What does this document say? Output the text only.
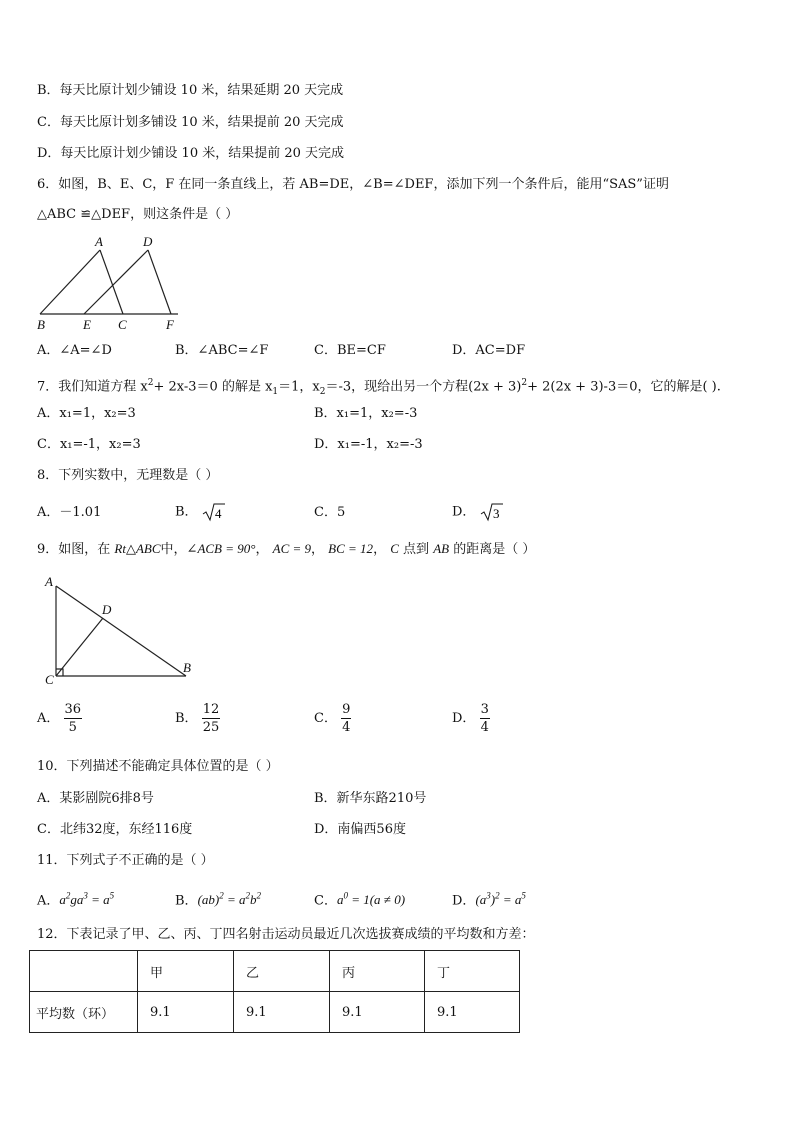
B．每天比原计划少铺设 10 米，结果延期 20 天完成
C．每天比原计划多铺设 10 米，结果提前 20 天完成
D．每天比原计划少铺设 10 米，结果提前 20 天完成
6．如图，B、E、C，F 在同一条直线上，若 AB=DE，∠B=∠DEF，添加下列一个条件后，能用“SAS”证明
△ABC ≌△DEF，则这条件是（ ）
A	D
B	E C	F
A．∠A=∠D	B．∠ABC=∠F	C．BE=CF	D．AC=DF
7．我们知道方程 $x^2+ 2x-3=0$ 的解是 $x_1=1$，$x_2=-3$，现给出另一个方程$(2x + 3)^2+ 2(2x + 3)-3=0$，它的解是( ).
A．x₁=1，x₂=3	B．x₁=1，x₂=-3
C．x₁=-1，x₂=3	D．x₁=-1，x₂=-3
8．下列实数中，无理数是（ ）
A．－1.01	B． 4	C．5	D． 3
9．如图，在 Rt△ABC中，∠ACB = 90°， AC = 9， BC = 12， C 点到 AB 的距离是（ ）
A
D
B
C
A． $\frac{36}{5}$	B． $\frac{12}{25}$	C． $\frac{9}{4}$	D． $\frac{3}{4}$
10．下列描述不能确定具体位置的是（ ）
A．某影剧院6排8号	B．新华东路210号
C．北纬32度，东经116度	D．南偏西56度
11．下列式子不正确的是（ ）
A．$a^2gа^3 = a^5$	B．$(ab)^2 = a^2b^2$	C．$a^0 = 1(a \ne 0)$	D．$(a^3)^2 = a^5$
12．下表记录了甲、乙、丙、丁四名射击运动员最近几次选拔赛成绩的平均数和方差：
	甲	乙	丙	丁
平均数（环）	9.1	9.1	9.1	9.1
